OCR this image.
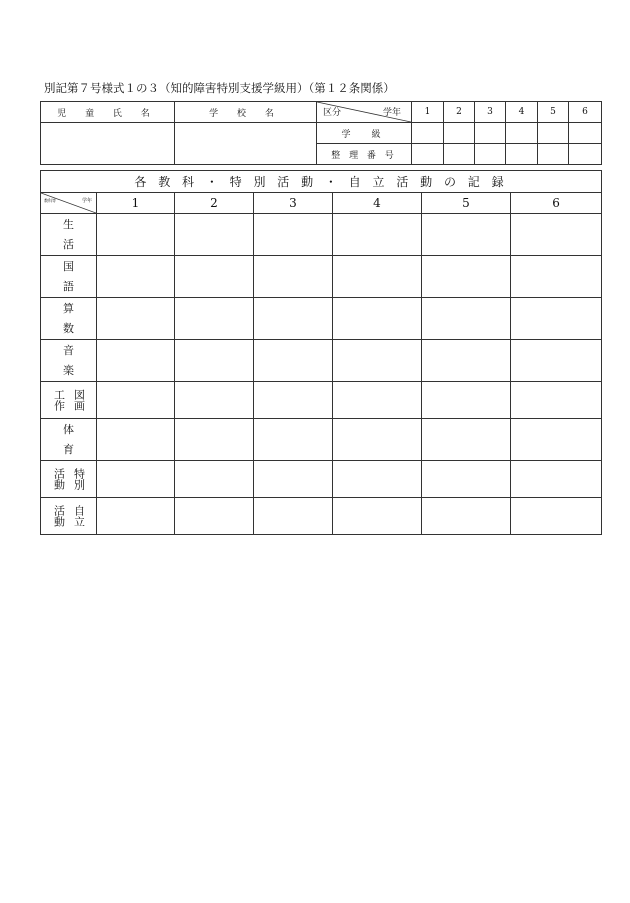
別記第７号様式１の３（知的障害特別支援学級用）（第１２条関係）
児 童 氏 名	学 校 名	区分 学年	1	2	3	4	5	6
		学　級						
		整 理 番 号						
各 教 科 ・ 特 別 活 動 ・ 自 立 活 動 の 記 録						

教科等 学年	1	2	3	4	5	6

生
活						

国
語						

算
数						

音
楽						

工作 図画						

体
育						

活動 特別						

活動 自立						
